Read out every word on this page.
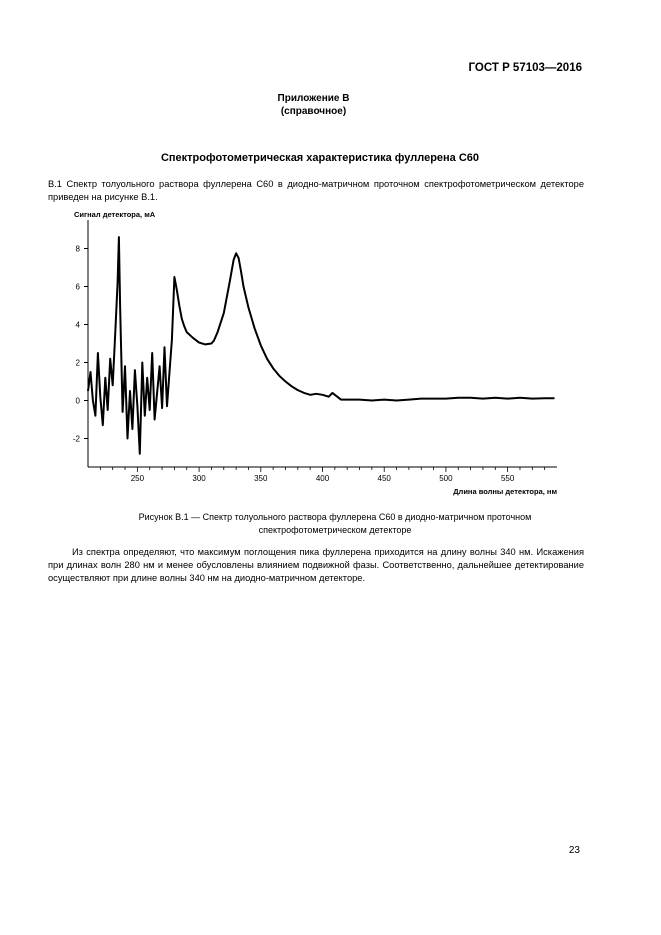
ГОСТ Р 57103—2016
Приложение В
(справочное)
Спектрофотометрическая характеристика фуллерена С60
В.1 Спектр толуольного раствора фуллерена С60 в диодно-матричном проточном спектрофотометрическом детекторе приведен на рисунке В.1.
8
6
4
2
0
-2
250	300	350	400	450	500	550
Сигнал детектора, мА
Длина волны детектора, нм
Рисунок В.1 — Спектр толуольного раствора фуллерена С60 в диодно-матричном проточном
спектрофотометрическом детекторе
Из спектра определяют, что максимум поглощения пика фуллерена приходится на длину волны 340 нм. Искажения при длинах волн 280 нм и менее обусловлены влиянием подвижной фазы. Соответственно, дальнейшее детектирование осуществляют при длине волны 340 нм на диодно-матричном детекторе.
23
